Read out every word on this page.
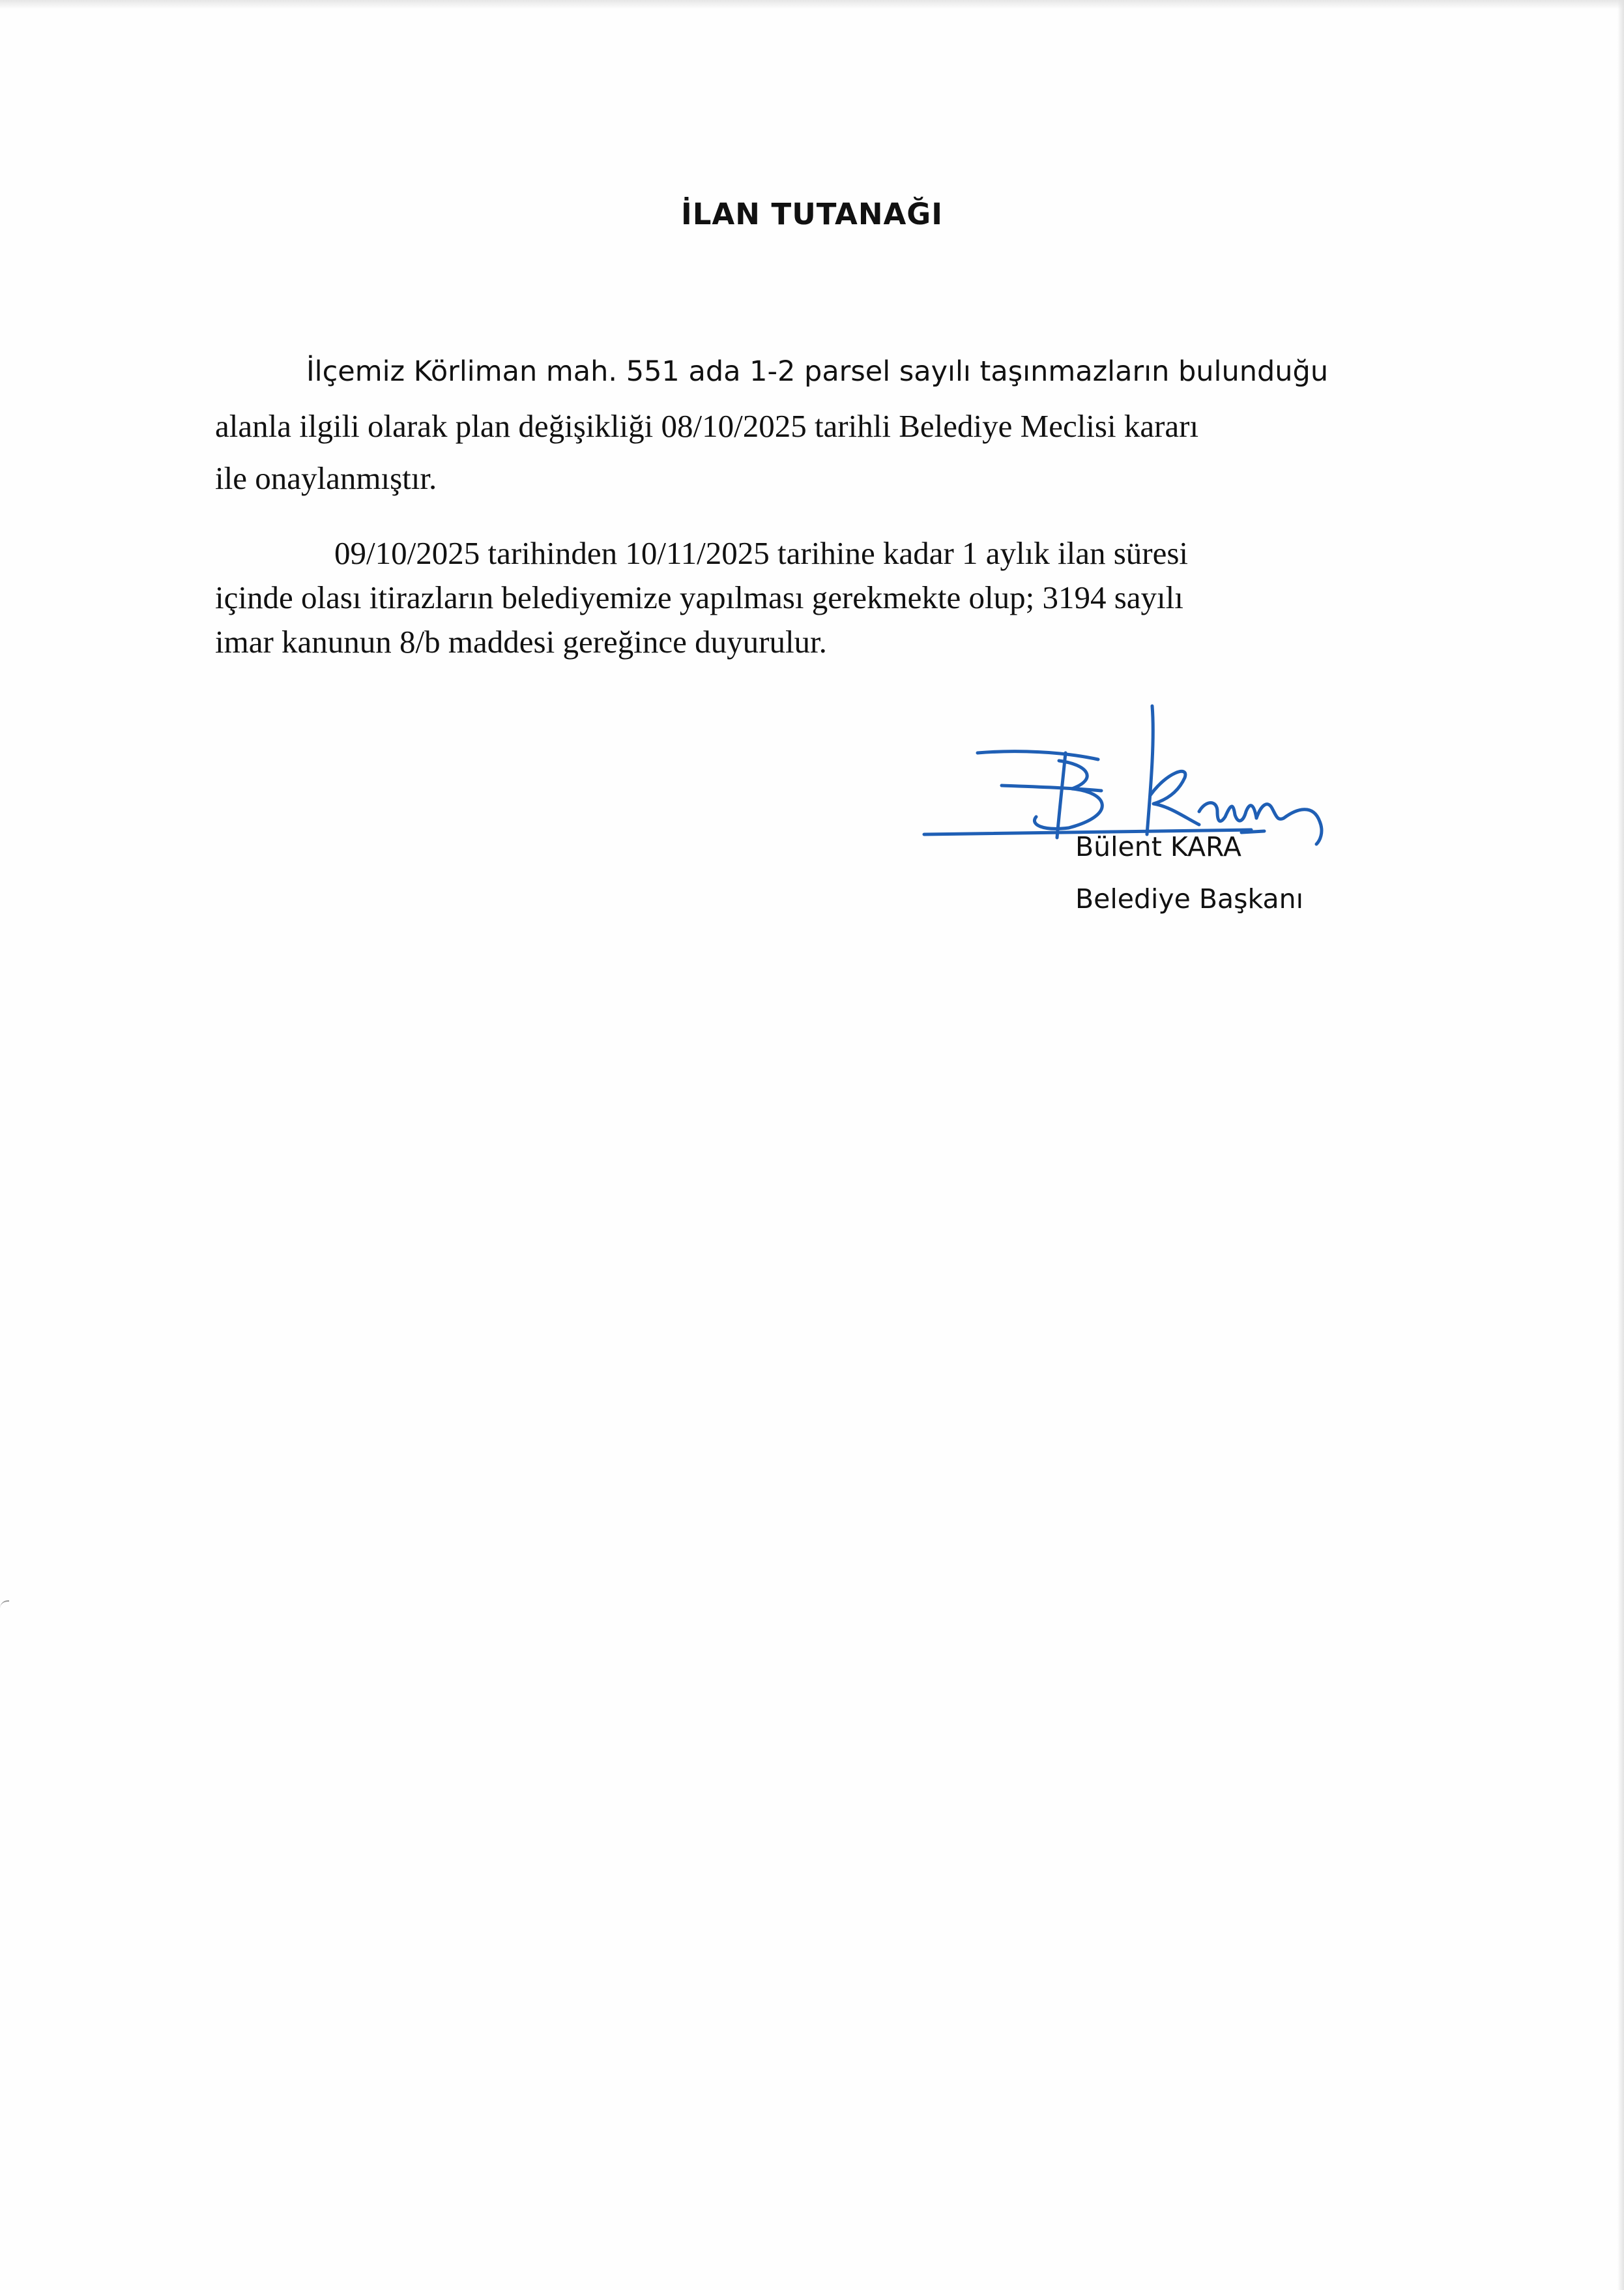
İLAN TUTANAĞI

İlçemiz Körliman mah. 551 ada 1-2 parsel sayılı taşınmazların bulunduğu

alanla ilgili olarak plan değişikliği 08/10/2025 tarihli Belediye Meclisi kararı

ile onaylanmıştır.

09/10/2025 tarihinden 10/11/2025 tarihine kadar 1 aylık ilan süresi

içinde olası itirazların belediyemize yapılması gerekmekte olup; 3194 sayılı

imar kanunun 8/b maddesi gereğince duyurulur.

Bülent KARA

Belediye Başkanı
